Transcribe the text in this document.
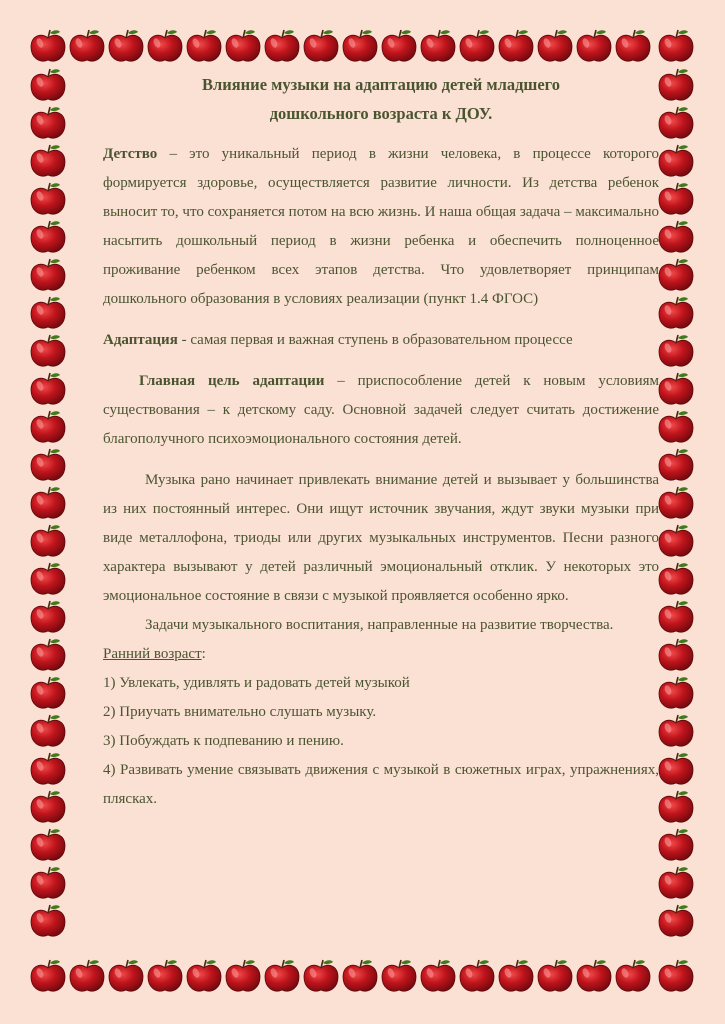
Влияние музыки на адаптацию детей младшего
дошкольного возраста к ДОУ.

Детство – это уникальный период в жизни человека, в процессе которого формируется здоровье, осуществляется развитие личности. Из детства ребенок выносит то, что сохраняется потом на всю жизнь. И наша общая задача – максимально насытить дошкольный период в жизни ребенка и обеспечить полноценное проживание ребенком всех этапов детства. Что удовлетворяет принципам дошкольного образования в условиях реализации (пункт 1.4 ФГОС)

Адаптация - самая первая и важная ступень в образовательном процессе

Главная цель адаптации – приспособление детей к новым условиям существования – к детскому саду. Основной задачей следует считать достижение благополучного психоэмоционального состояния детей.

Музыка рано начинает привлекать внимание детей и вызывает у большинства из них постоянный интерес. Они ищут источник звучания, ждут звуки музыки при виде металлофона, триоды или других музыкальных инструментов. Песни разного характера вызывают у детей различный эмоциональный отклик. У некоторых это эмоциональное состояние в связи с музыкой проявляется особенно ярко.

Задачи музыкального воспитания, направленные на развитие творчества.

Ранний возраст:

1) Увлекать, удивлять и радовать детей музыкой

2) Приучать внимательно слушать музыку.

3) Побуждать к подпеванию и пению.

4) Развивать умение связывать движения с музыкой в сюжетных играх, упражнениях, плясках.
